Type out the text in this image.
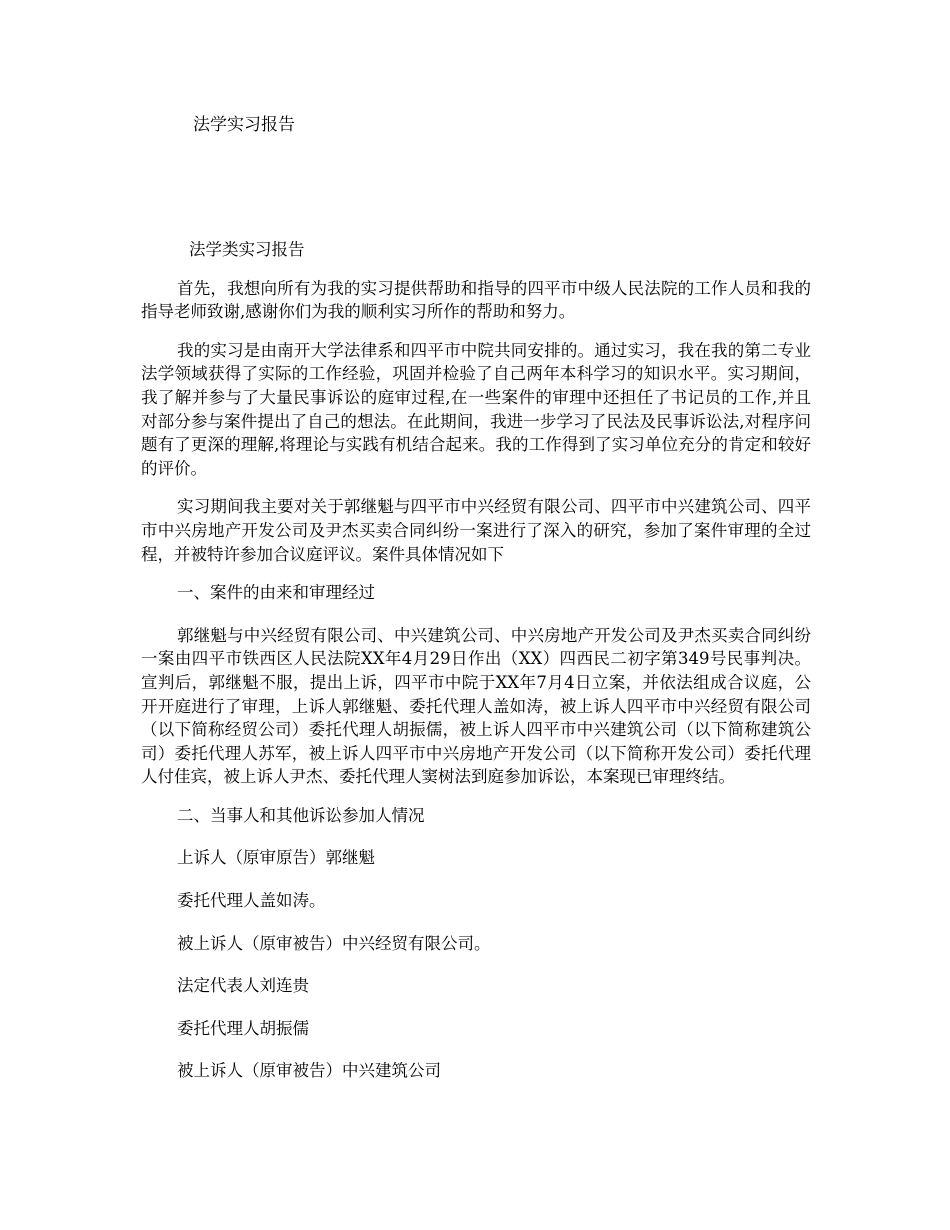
法学实习报告

法学类实习报告

首先，我想向所有为我的实习提供帮助和指导的四平市中级人民法院的工作人员和我的指导老师致谢,感谢你们为我的顺利实习所作的帮助和努力。

我的实习是由南开大学法律系和四平市中院共同安排的。通过实习，我在我的第二专业法学领域获得了实际的工作经验，巩固并检验了自己两年本科学习的知识水平。实习期间，我了解并参与了大量民事诉讼的庭审过程,在一些案件的审理中还担任了书记员的工作,并且对部分参与案件提出了自己的想法。在此期间，我进一步学习了民法及民事诉讼法,对程序问题有了更深的理解,将理论与实践有机结合起来。我的工作得到了实习单位充分的肯定和较好的评价。

实习期间我主要对关于郭继魁与四平市中兴经贸有限公司、四平市中兴建筑公司、四平市中兴房地产开发公司及尹杰买卖合同纠纷一案进行了深入的研究，参加了案件审理的全过程，并被特许参加合议庭评议。案件具体情况如下

一、案件的由来和审理经过

郭继魁与中兴经贸有限公司、中兴建筑公司、中兴房地产开发公司及尹杰买卖合同纠纷一案由四平市铁西区人民法院XX年4月29日作出（XX）四西民二初字第349号民事判决。宣判后，郭继魁不服，提出上诉，四平市中院于XX年7月4日立案，并依法组成合议庭，公开开庭进行了审理，上诉人郭继魁、委托代理人盖如涛，被上诉人四平市中兴经贸有限公司（以下简称经贸公司）委托代理人胡振儒，被上诉人四平市中兴建筑公司（以下简称建筑公司）委托代理人苏军，被上诉人四平市中兴房地产开发公司（以下简称开发公司）委托代理人付佳宾，被上诉人尹杰、委托代理人窦树法到庭参加诉讼，本案现已审理终结。

二、当事人和其他诉讼参加人情况

上诉人（原审原告）郭继魁

委托代理人盖如涛。

被上诉人（原审被告）中兴经贸有限公司。

法定代表人刘连贵

委托代理人胡振儒

被上诉人（原审被告）中兴建筑公司
